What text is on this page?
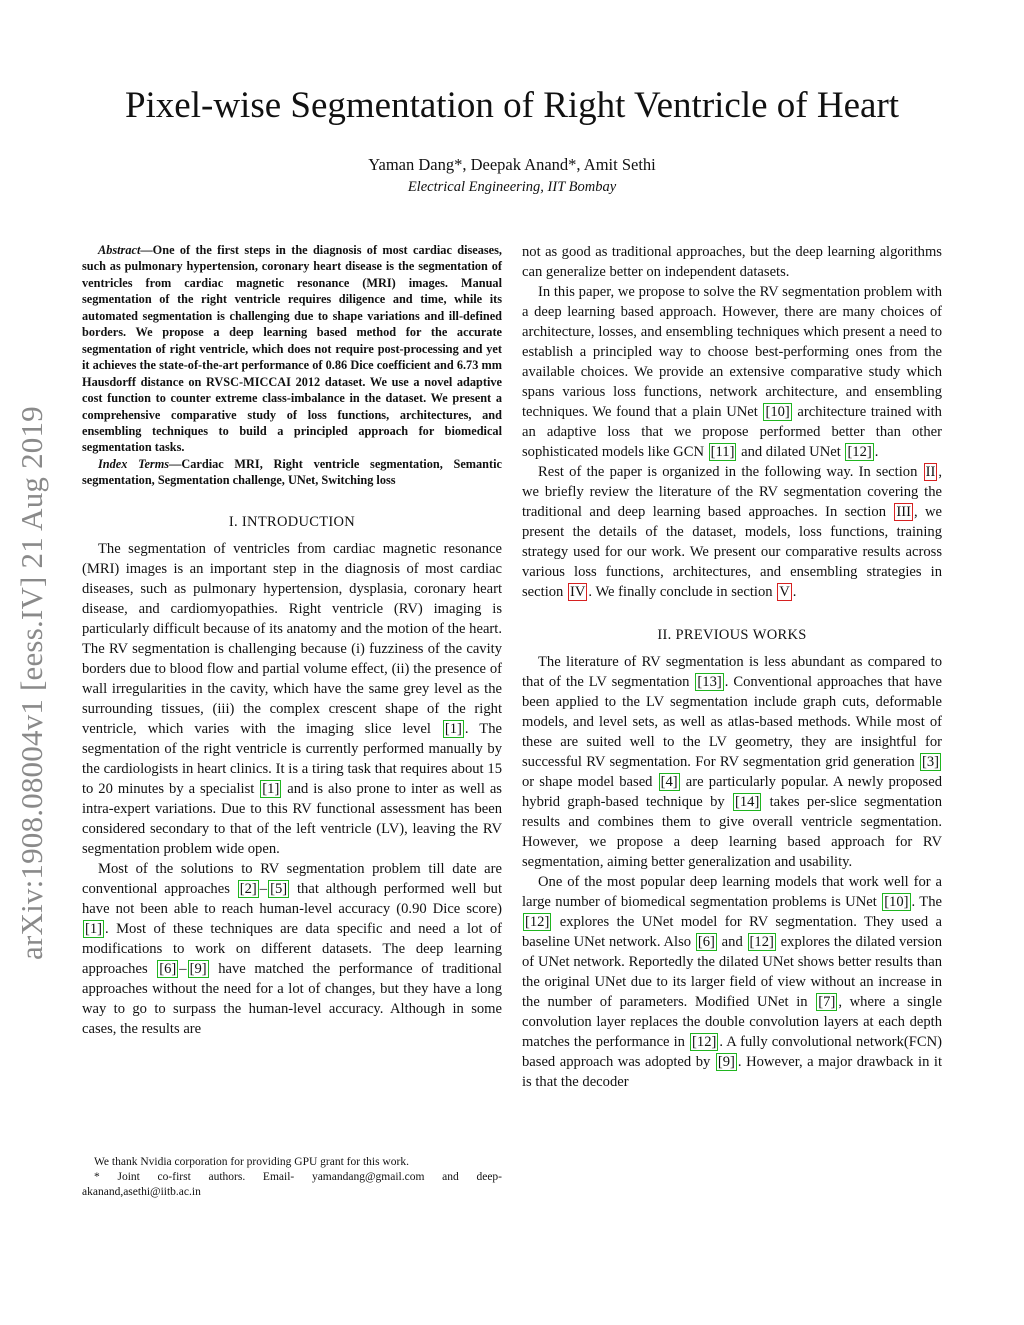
arXiv:1908.08004v1 [eess.IV] 21 Aug 2019
Pixel-wise Segmentation of Right Ventricle of Heart
Yaman Dang*, Deepak Anand*, Amit Sethi
Electrical Engineering, IIT Bombay

Abstract—One of the first steps in the diagnosis of most cardiac diseases, such as pulmonary hypertension, coronary heart disease is the segmentation of ventricles from cardiac magnetic resonance (MRI) images. Manual segmentation of the right ventricle requires diligence and time, while its automated segmentation is challenging due to shape variations and ill-defined borders. We propose a deep learning based method for the accurate segmentation of right ventricle, which does not require post-processing and yet it achieves the state-of-the-art performance of 0.86 Dice coefficient and 6.73 mm Hausdorff distance on RVSC-MICCAI 2012 dataset. We use a novel adaptive cost function to counter extreme class-imbalance in the dataset. We present a comprehensive comparative study of loss functions, architectures, and ensembling techniques to build a principled approach for biomedical segmentation tasks.

Index Terms—Cardiac MRI, Right ventricle segmentation, Semantic segmentation, Segmentation challenge, UNet, Switching loss

I. INTRODUCTION

The segmentation of ventricles from cardiac magnetic resonance (MRI) images is an important step in the diagnosis of most cardiac diseases, such as pulmonary hypertension, dysplasia, coronary heart disease, and cardiomyopathies. Right ventricle (RV) imaging is particularly difficult because of its anatomy and the motion of the heart. The RV segmentation is challenging because (i) fuzziness of the cavity borders due to blood flow and partial volume effect, (ii) the presence of wall irregularities in the cavity, which have the same grey level as the surrounding tissues, (iii) the complex crescent shape of the right ventricle, which varies with the imaging slice level [1] . The segmentation of the right ventricle is currently performed manually by the cardiologists in heart clinics. It is a tiring task that requires about 15 to 20 minutes by a specialist [1] and is also prone to inter as well as intra-expert variations. Due to this RV functional assessment has been considered secondary to that of the left ventricle (LV), leaving the RV segmentation problem wide open.

Most of the solutions to RV segmentation problem till date are conventional approaches [2] – [5] that although performed well but have not been able to reach human-level accuracy (0.90 Dice score) [1] . Most of these techniques are data specific and need a lot of modifications to work on different datasets. The deep learning approaches [6] – [9] have matched the performance of traditional approaches without the need for a lot of changes, but they have a long way to go to surpass the human-level accuracy. Although in some cases, the results are

We thank Nvidia corporation for providing GPU grant for this work.

* Joint co-first authors. Email- yamandang@gmail.com and deep-akanand,asethi@iitb.ac.in

not as good as traditional approaches, but the deep learning algorithms can generalize better on independent datasets.

In this paper, we propose to solve the RV segmentation problem with a deep learning based approach. However, there are many choices of architecture, losses, and ensembling techniques which present a need to establish a principled way to choose best-performing ones from the available choices. We provide an extensive comparative study which spans various loss functions, network architecture, and ensembling techniques. We found that a plain UNet [10] architecture trained with an adaptive loss that we propose performed better than other sophisticated models like GCN [11] and dilated UNet [12] .

Rest of the paper is organized in the following way. In section II , we briefly review the literature of the RV segmentation covering the traditional and deep learning based approaches. In section III , we present the details of the dataset, models, loss functions, training strategy used for our work. We present our comparative results across various loss functions, architectures, and ensembling strategies in section IV . We finally conclude in section V .

II. PREVIOUS WORKS

The literature of RV segmentation is less abundant as compared to that of the LV segmentation [13] . Conventional approaches that have been applied to the LV segmentation include graph cuts, deformable models, and level sets, as well as atlas-based methods. While most of these are suited well to the LV geometry, they are insightful for successful RV segmentation. For RV segmentation grid generation [3] or shape model based [4] are particularly popular. A newly proposed hybrid graph-based technique by [14] takes per-slice segmentation results and combines them to give overall ventricle segmentation. However, we propose a deep learning based approach for RV segmentation, aiming better generalization and usability.

One of the most popular deep learning models that work well for a large number of biomedical segmentation problems is UNet [10] . The [12] explores the UNet model for RV segmentation. They used a baseline UNet network. Also [6] and [12] explores the dilated version of UNet network. Reportedly the dilated UNet shows better results than the original UNet due to its larger field of view without an increase in the number of parameters. Modified UNet in [7] , where a single convolution layer replaces the double convolution layers at each depth matches the performance in [12] . A fully convolutional network(FCN) based approach was adopted by [9] . However, a major drawback in it is that the decoder
